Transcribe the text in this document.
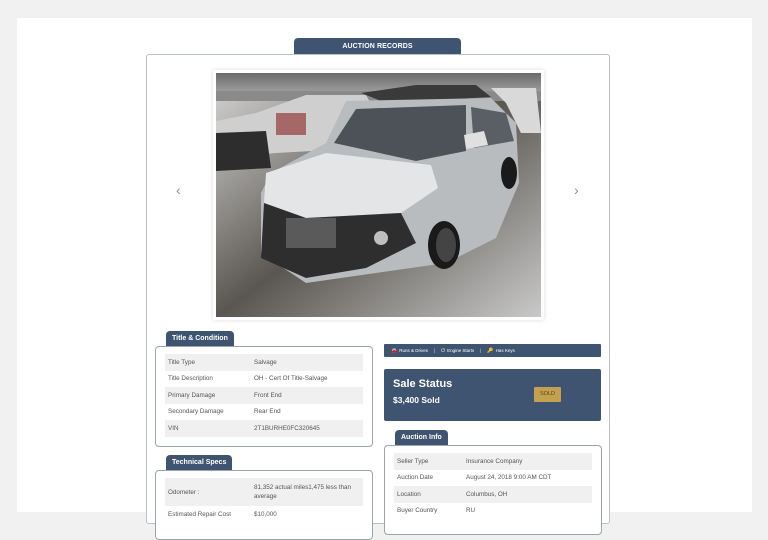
AUCTION RECORDS
‹	›
Title & Condition
Title Type	Salvage
Title Description	OH - Cert Of Title-Salvage
Primary Damage	Front End
Secondary Damage	Rear End
VIN	2T1BURHE0FC320645
Technical Specs
Odometer :
81,352 actual miles1,475 less than average
Estimated Repair Cost	$10,000
🚘 Runs & Drives | ⏻ Engine Starts | 🔑 Has Keys
Sale Status
$3,400 Sold
SOLD
Auction Info
Seller Type	Insurance Company
Auction Date	August 24, 2018 9:00 AM CDT
Location	Columbus, OH
Buyer Country	RU
